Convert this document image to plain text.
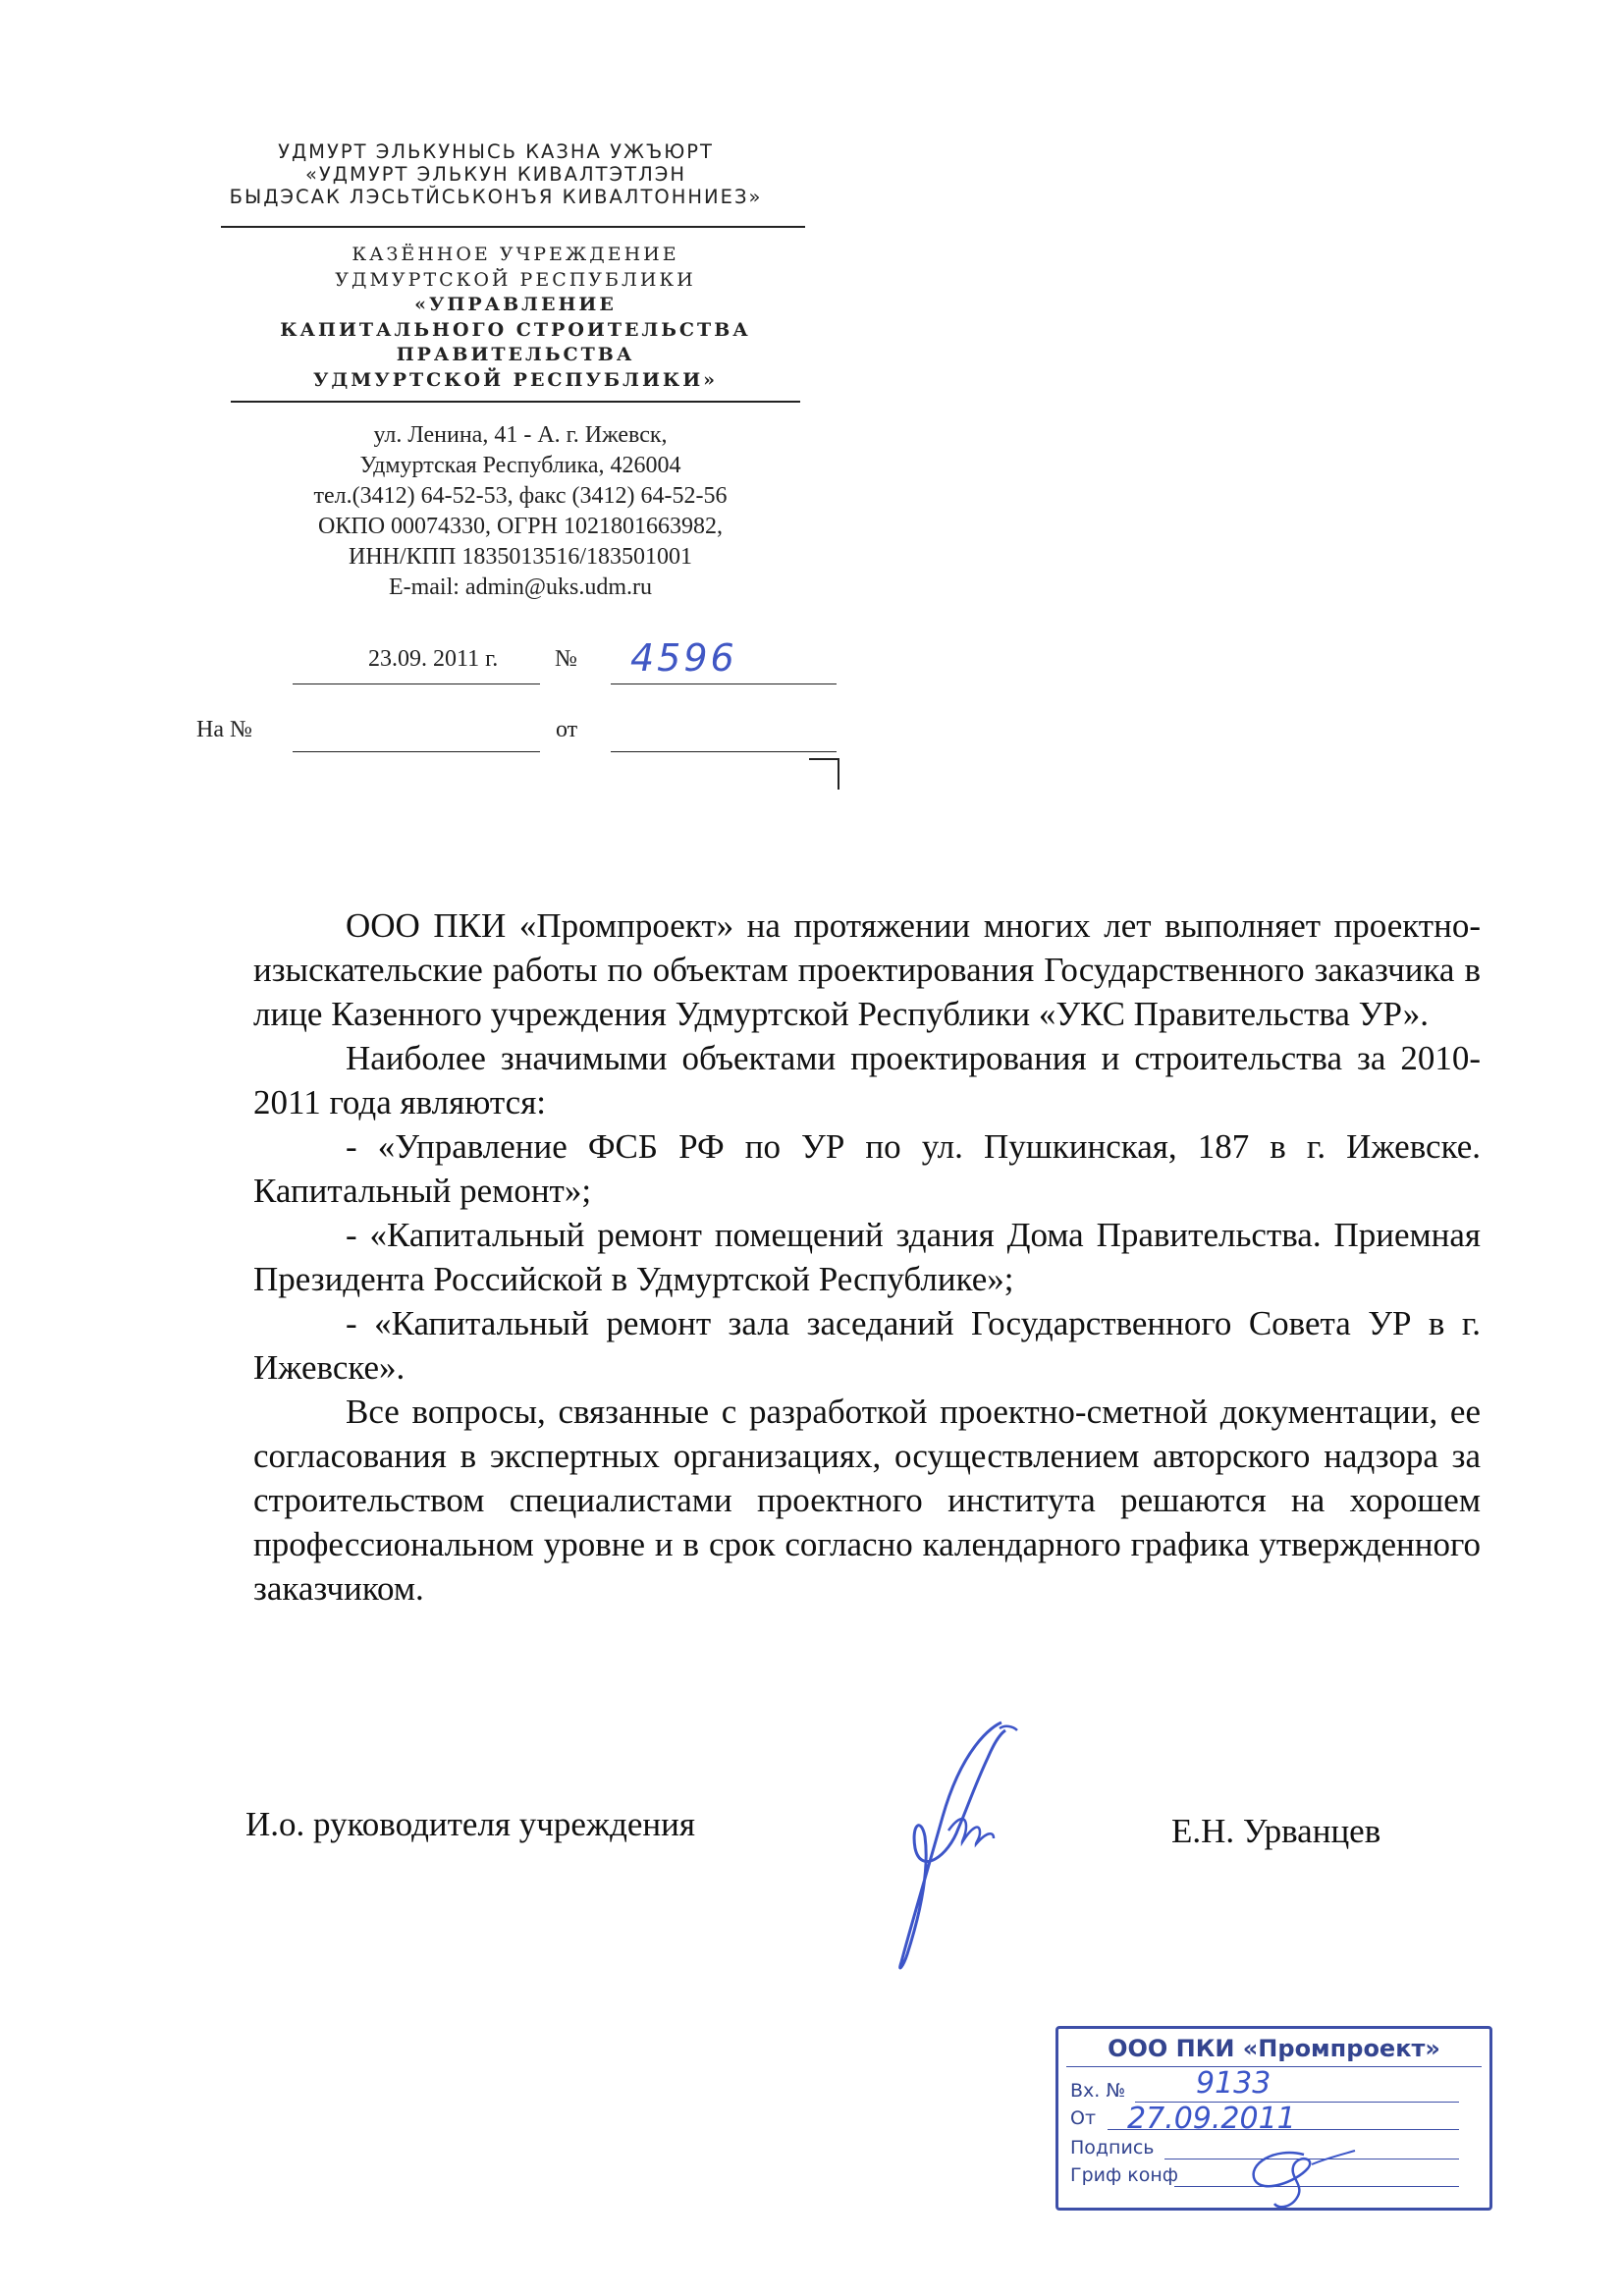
УДМУРТ ЭЛЬКУНЫСЬ КАЗНА УЖЪЮРТ
«УДМУРТ ЭЛЬКУН КИВАЛТЭТЛЭН
БЫДЭСАК ЛЭСЬТЙСЬКОНЪЯ КИВАЛТОННИЕЗ»
КАЗЁННОЕ УЧРЕЖДЕНИЕ
УДМУРТСКОЙ РЕСПУБЛИКИ
«УПРАВЛЕНИЕ
КАПИТАЛЬНОГО СТРОИТЕЛЬСТВА
ПРАВИТЕЛЬСТВА
УДМУРТСКОЙ РЕСПУБЛИКИ»
ул. Ленина, 41 - А. г. Ижевск,
Удмуртская Республика, 426004
тел.(3412) 64-52-53, факс (3412) 64-52-56
ОКПО 00074330, ОГРН 1021801663982,
ИНН/КПП 1835013516/183501001
E-mail: admin@uks.udm.ru
23.09. 2011 г. № 4596
На №	от

ООО ПКИ «Промпроект» на протяжении многих лет выполняет проектно-изыскательские работы по объектам проектирования Государственного заказчика в лице Казенного учреждения Удмуртской Республики «УКС Правительства УР».

Наиболее значимыми объектами проектирования и строительства за 2010-2011 года являются:

- «Управление ФСБ РФ по УР по ул. Пушкинская, 187 в г. Ижевске. Капитальный ремонт»;

- «Капитальный ремонт помещений здания Дома Правительства. Приемная Президента Российской в Удмуртской Республике»;

- «Капитальный ремонт зала заседаний Государственного Совета УР в г. Ижевске».

Все вопросы, связанные с разработкой проектно-сметной документации, ее согласования в экспертных организациях, осуществлением авторского надзора за строительством специалистами проектного института решаются на хорошем профессиональном уровне и в срок согласно календарного графика утвержденного заказчиком.

И.о. руководителя учреждения	Е.Н. Урванцев
ООО ПКИ «Промпроект»
Вх. № 9133
От 27.09.2011
Подпись
Гриф конф
